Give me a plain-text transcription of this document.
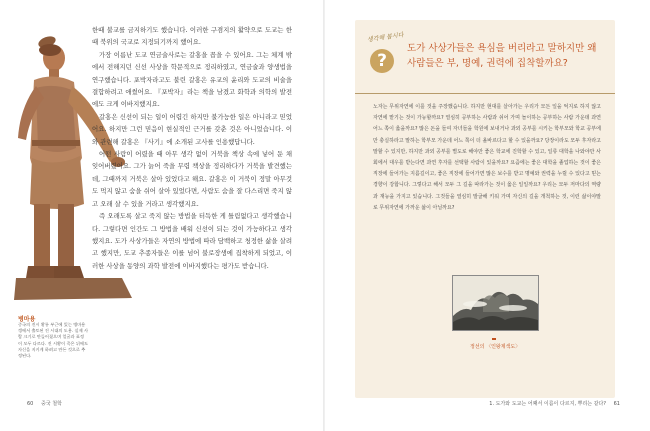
병마용
중국의 진시 황릉 부근에 있는 병마용 갱에서 출토된 진 시대의 도용. 실제 사람 크기로 만들어졌으며 얼굴과 표정이 모두 다르다. 진 시황이 죽은 뒤에도 자신을 지키게 하려고 만든 것으로 추정된다.

한때 불교를 금지하기도 했습니다. 이러한 구겸지의 활약으로 도교는 한때 북위의 국교로 지정되기까지 했어요.

가장 이름난 도교 연금술사로는 갈홍을 꼽을 수 있어요. 그는 체계 밖에서 전해지던 신선 사상을 학문적으로 정리하였고, 연금술과 양생법을 연구했습니다. 포박자라고도 불린 갈홍은 유교의 윤리와 도교의 비술을 결합하려고 애썼어요. 『포박자』라는 책을 남겼고 화학과 의학의 발전에도 크게 이바지했지요.

갈홍은 신선이 되는 일이 어렵긴 하지만 불가능한 일은 아니라고 믿었어요. 하지만 그런 믿음이 현실적인 근거를 갖춘 것은 아니었습니다. 이와 관련해 갈홍은 『사기』에 소개된 고사를 인용했답니다.

어떤 사람이 어렸을 때 아무 생각 없이 거북을 책상 속에 넣어 둔 채 잊어버렸어요. 그가 늙어 죽을 무렵 책상을 정리하다가 거북을 발견했는데, 그때까지 거북은 살아 있었다고 해요. 갈홍은 이 거북이 정말 아무것도 먹지 않고 숨을 쉬어 살아 있었다면, 사람도 숨을 잘 다스리면 죽지 않고 오래 살 수 있을 거라고 생각했지요.

즉 오래도록 살고 죽지 않는 방법을 터득한 게 틀림없다고 생각했습니다. 그렇다면 인간도 그 방법을 배워 신선이 되는 것이 가능하다고 생각했지요. 도가 사상가들은 자연의 방법에 따라 담백하고 청정한 삶을 살려고 했지만, 도교 추종자들은 이를 넘어 불로장생에 집착하게 되었고, 이러한 사상을 동양의 과학 발전에 이바지했다는 평가도 받습니다.

60 중국 철학
생각해 봅시다
?
도가 사상가들은 욕심을 버리라고 말하지만 왜 사람들은 부, 명예, 권력에 집착할까요?

노자는 무위자연에 이를 것을 주장했습니다. 하지만 현대를 살아가는 우리가 모든 일을 억지로 하지 않고 자연에 맡기는 것이 가능할까요? 열심히 공부하는 사람과 쉬어 가며 놀이하는 공부하는 사람 가운데 과연 어느 쪽이 옳을까요? 많은 돈을 들여 자녀들을 학원에 보내거나 과외 공부를 시키는 학부모와 학교 공부에만 충실하라고 말하는 학부모 가운데 어느 쪽이 더 올바르다고 할 수 있을까요? 당장이라도 모두 후자라고 말할 수 있지만, 하지만 과외 공부를 별도로 해야만 좋은 학교에 진학할 수 있고, 일류 대학을 나와야만 사회에서 대우를 받는다면 과연 후자를 선택할 사람이 있을까요? 요즘에는 좋은 대학을 졸업하는 것이 좋은 직장에 들어가는 지름길이고, 좋은 직장에 들어가면 많은 보수를 받고 명예와 권력을 누릴 수 있다고 믿는 경향이 강합니다. 그렇다고 해서 모두 그 길을 따라가는 것이 옳은 일일까요? 우리는 모두 저마다의 역량과 재능을 가지고 있습니다. 그것들을 열심히 발굴해 키워 가며 자신의 길을 개척하는 것, 이런 삶이야말로 무위자연에 가까운 삶이 아닐까요?

정선의 〈인왕제색도〉
1. 도가와 도교는 어째서 이름이 다르지, 뿌리는 같다? 61
